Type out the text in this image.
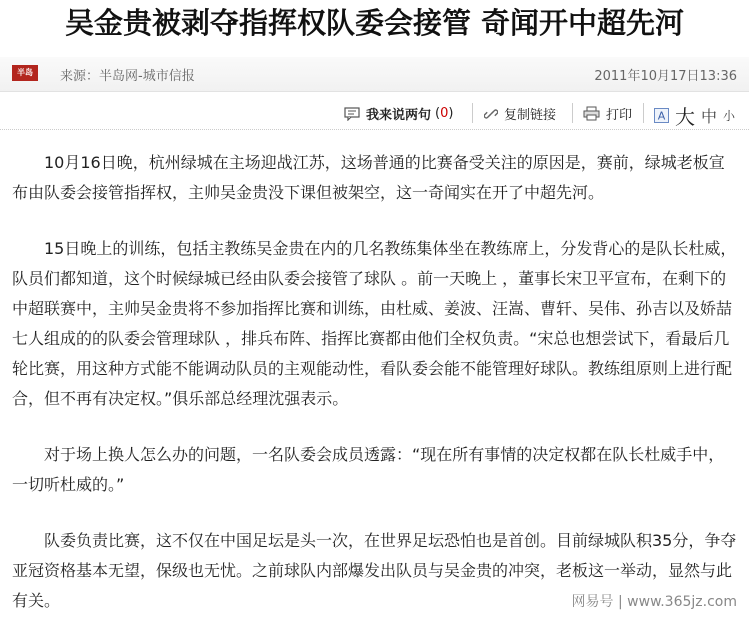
吴金贵被剥夺指挥权队委会接管 奇闻开中超先河
半岛	来源：半岛网-城市信报	2011年10月17日13:36
我来说两句 (0)	复制链接	打印 A 大 中 小

10月16日晚，杭州绿城在主场迎战江苏，这场普通的比赛备受关注的原因是，赛前，绿城老板宣布由队委会接管指挥权，主帅吴金贵没下课但被架空，这一奇闻实在开了中超先河。

15日晚上的训练，包括主教练吴金贵在内的几名教练集体坐在教练席上，分发背心的是队长杜威，队员们都知道，这个时候绿城已经由队委会接管了球队 。前一天晚上 ，董事长宋卫平宣布，在剩下的中超联赛中，主帅吴金贵将不参加指挥比赛和训练，由杜威、姜波、汪嵩、曹轩、吴伟、孙吉以及娇喆七人组成的的队委会管理球队 ，排兵布阵、指挥比赛都由他们全权负责。“宋总也想尝试下，看最后几轮比赛，用这种方式能不能调动队员的主观能动性，看队委会能不能管理好球队。教练组原则上进行配合，但不再有决定权。”俱乐部总经理沈强表示。

对于场上换人怎么办的问题，一名队委会成员透露：“现在所有事情的决定权都在队长杜威手中，一切听杜威的。”

队委负责比赛，这不仅在中国足坛是头一次，在世界足坛恐怕也是首创。目前绿城队积35分，争夺亚冠资格基本无望，保级也无忧。之前球队内部爆发出队员与吴金贵的冲突，老板这一举动，显然与此有关。	网易号 | www.365jz.com
